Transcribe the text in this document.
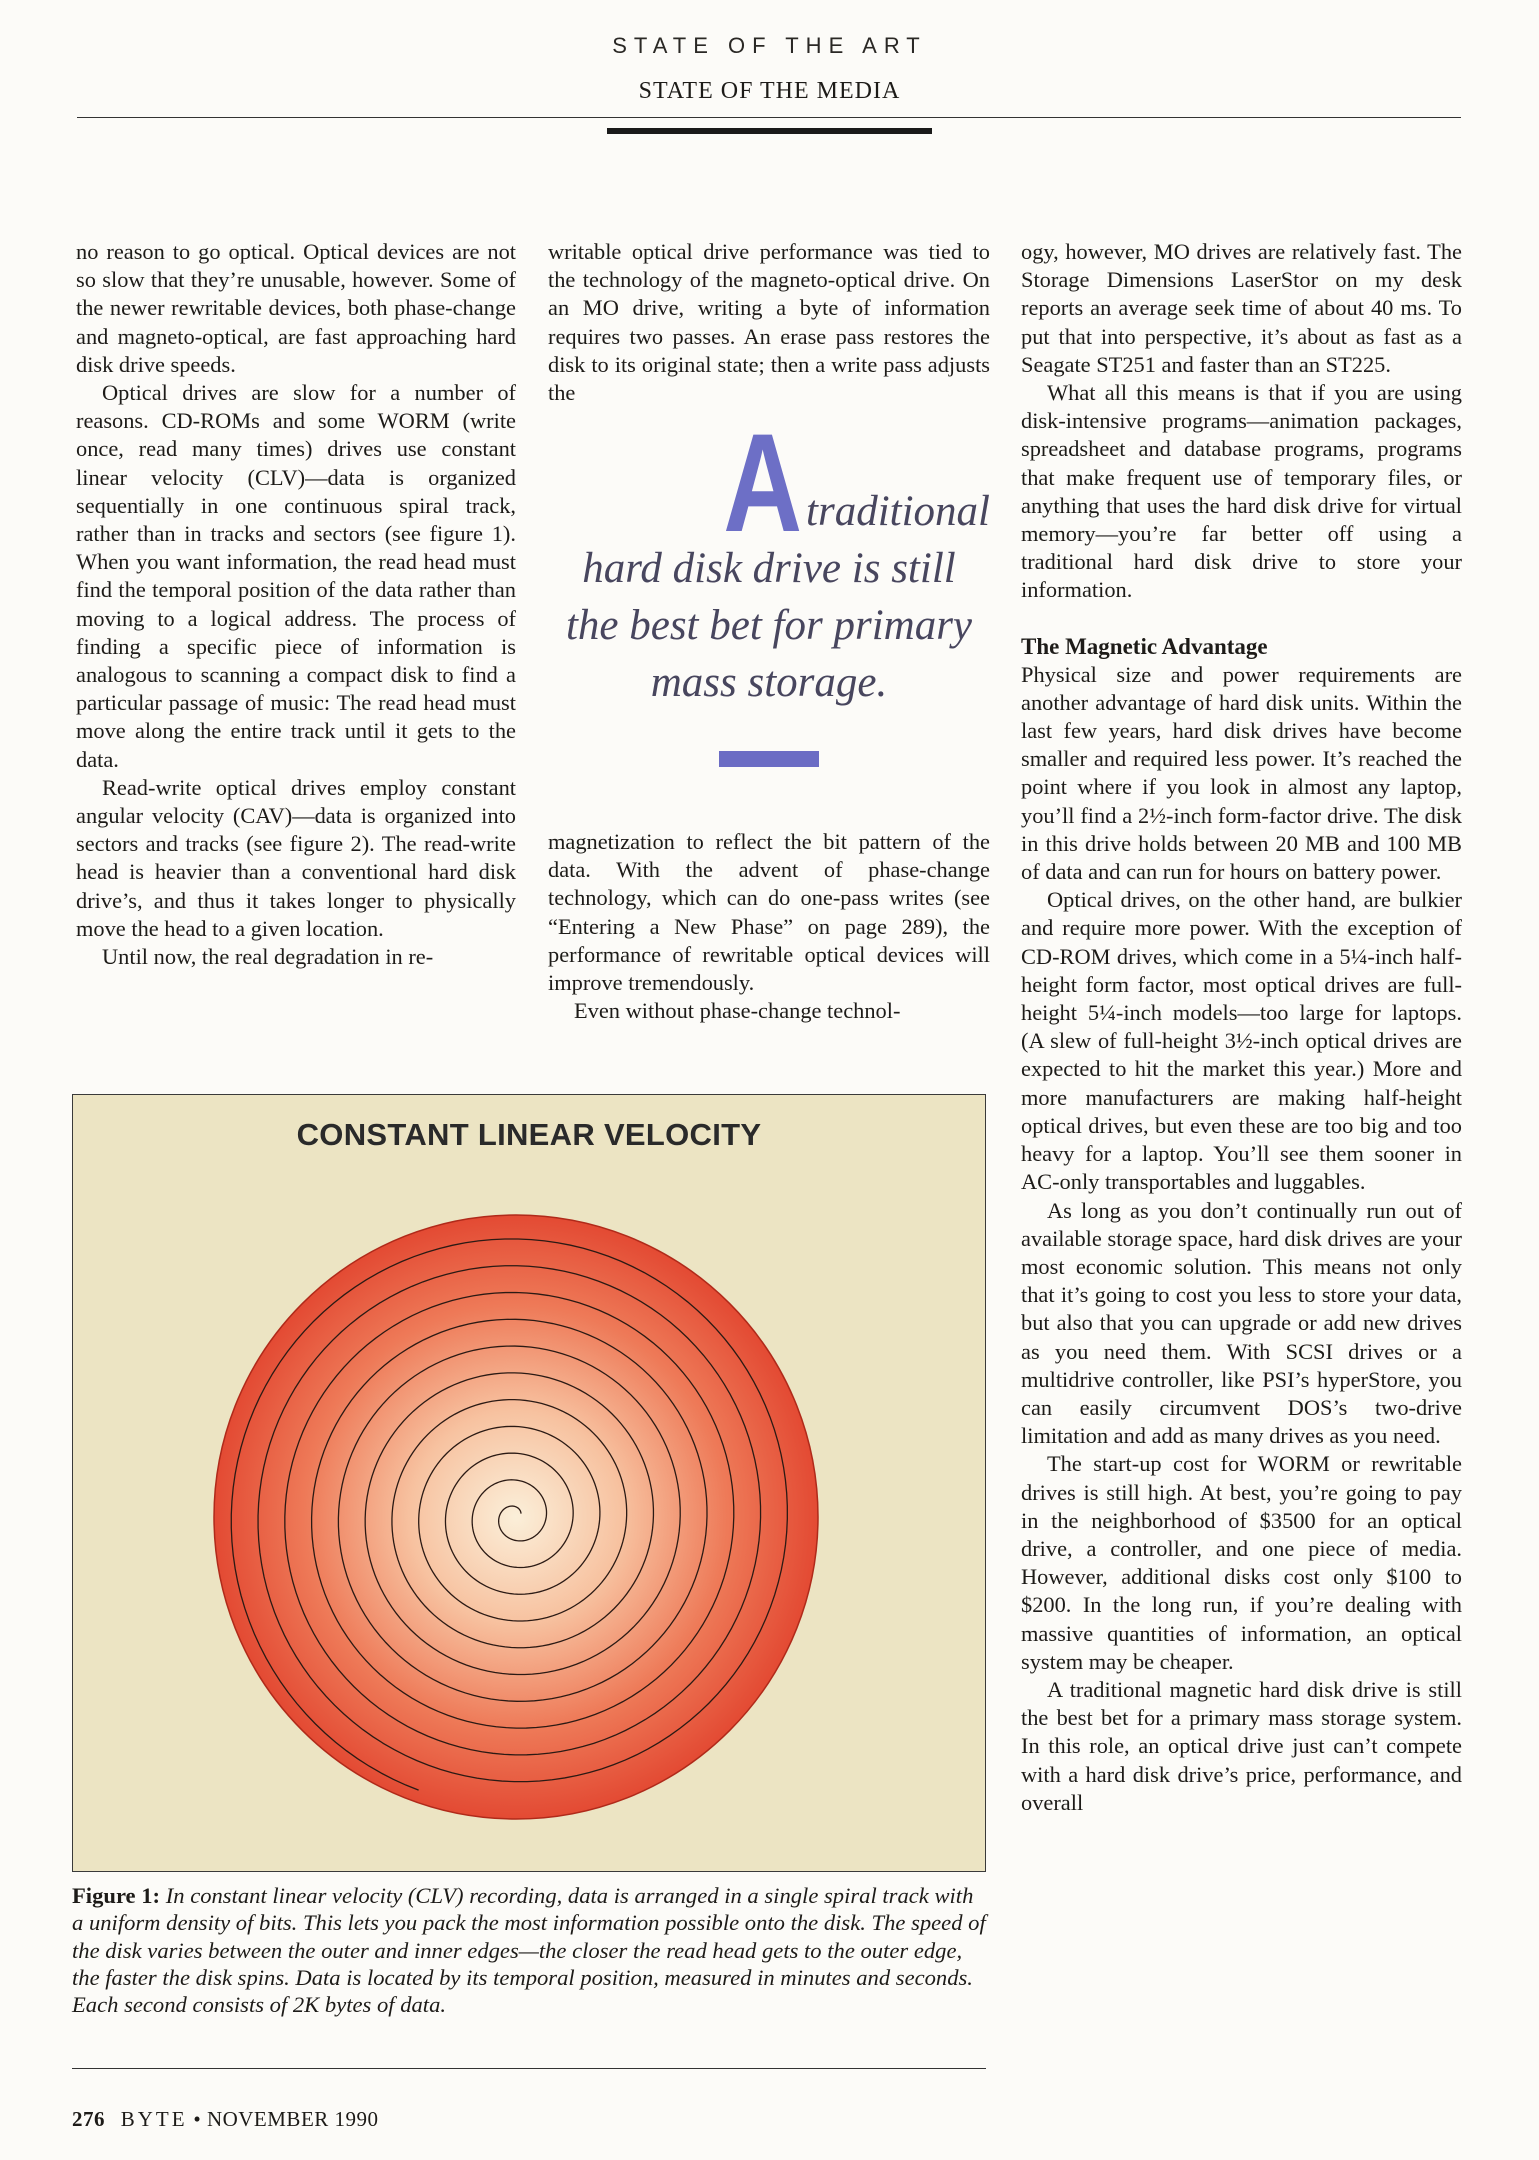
STATE OF THE ART
STATE OF THE MEDIA

no reason to go optical. Optical devices are not so slow that they’re unusable, however. Some of the newer rewritable devices, both phase-change and magneto-optical, are fast approaching hard disk drive speeds.

Optical drives are slow for a number of reasons. CD-ROMs and some WORM (write once, read many times) drives use constant linear velocity (CLV)—data is organized sequentially in one continuous spiral track, rather than in tracks and sectors (see figure 1). When you want information, the read head must find the temporal position of the data rather than moving to a logical address. The process of finding a specific piece of information is analogous to scanning a compact disk to find a particular passage of music: The read head must move along the entire track until it gets to the data.

Read-write optical drives employ constant angular velocity (CAV)—data is organized into sectors and tracks (see figure 2). The read-write head is heavier than a conventional hard disk drive’s, and thus it takes longer to physically move the head to a given location.

Until now, the real degradation in re-

writable optical drive performance was tied to the technology of the magneto-optical drive. On an MO drive, writing a byte of information requires two passes. An erase pass restores the disk to its original state; then a write pass adjusts the

A traditional
hard disk drive is still
the best bet for primary
mass storage.

magnetization to reflect the bit pattern of the data. With the advent of phase-change technology, which can do one-pass writes (see “Entering a New Phase” on page 289), the performance of rewritable optical devices will improve tremendously.

Even without phase-change technol-

ogy, however, MO drives are relatively fast. The Storage Dimensions LaserStor on my desk reports an average seek time of about 40 ms. To put that into perspective, it’s about as fast as a Seagate ST251 and faster than an ST225.

What all this means is that if you are using disk-intensive programs—animation packages, spreadsheet and database programs, programs that make frequent use of temporary files, or anything that uses the hard disk drive for virtual memory—you’re far better off using a traditional hard disk drive to store your information.

The Magnetic Advantage

Physical size and power requirements are another advantage of hard disk units. Within the last few years, hard disk drives have become smaller and required less power. It’s reached the point where if you look in almost any laptop, you’ll find a 2½-inch form-factor drive. The disk in this drive holds between 20 MB and 100 MB of data and can run for hours on battery power.

Optical drives, on the other hand, are bulkier and require more power. With the exception of CD-ROM drives, which come in a 5¼-inch half-height form factor, most optical drives are full-height 5¼-inch models—too large for laptops. (A slew of full-height 3½-inch optical drives are expected to hit the market this year.) More and more manufacturers are making half-height optical drives, but even these are too big and too heavy for a laptop. You’ll see them sooner in AC-only transportables and luggables.

As long as you don’t continually run out of available storage space, hard disk drives are your most economic solution. This means not only that it’s going to cost you less to store your data, but also that you can upgrade or add new drives as you need them. With SCSI drives or a multidrive controller, like PSI’s hyperStore, you can easily circumvent DOS’s two-drive limitation and add as many drives as you need.

The start-up cost for WORM or rewritable drives is still high. At best, you’re going to pay in the neighborhood of $3500 for an optical drive, a controller, and one piece of media. However, additional disks cost only $100 to $200. In the long run, if you’re dealing with massive quantities of information, an optical system may be cheaper.

A traditional magnetic hard disk drive is still the best bet for a primary mass storage system. In this role, an optical drive just can’t compete with a hard disk drive’s price, performance, and overall

CONSTANT LINEAR VELOCITY
Figure 1: In constant linear velocity (CLV) recording, data is arranged in a single spiral track with a uniform density of bits. This lets you pack the most information possible onto the disk. The speed of the disk varies between the outer and inner edges—the closer the read head gets to the outer edge, the faster the disk spins. Data is located by its temporal position, measured in minutes and seconds. Each second consists of 2K bytes of data.
276 BYTE • NOVEMBER 1990
